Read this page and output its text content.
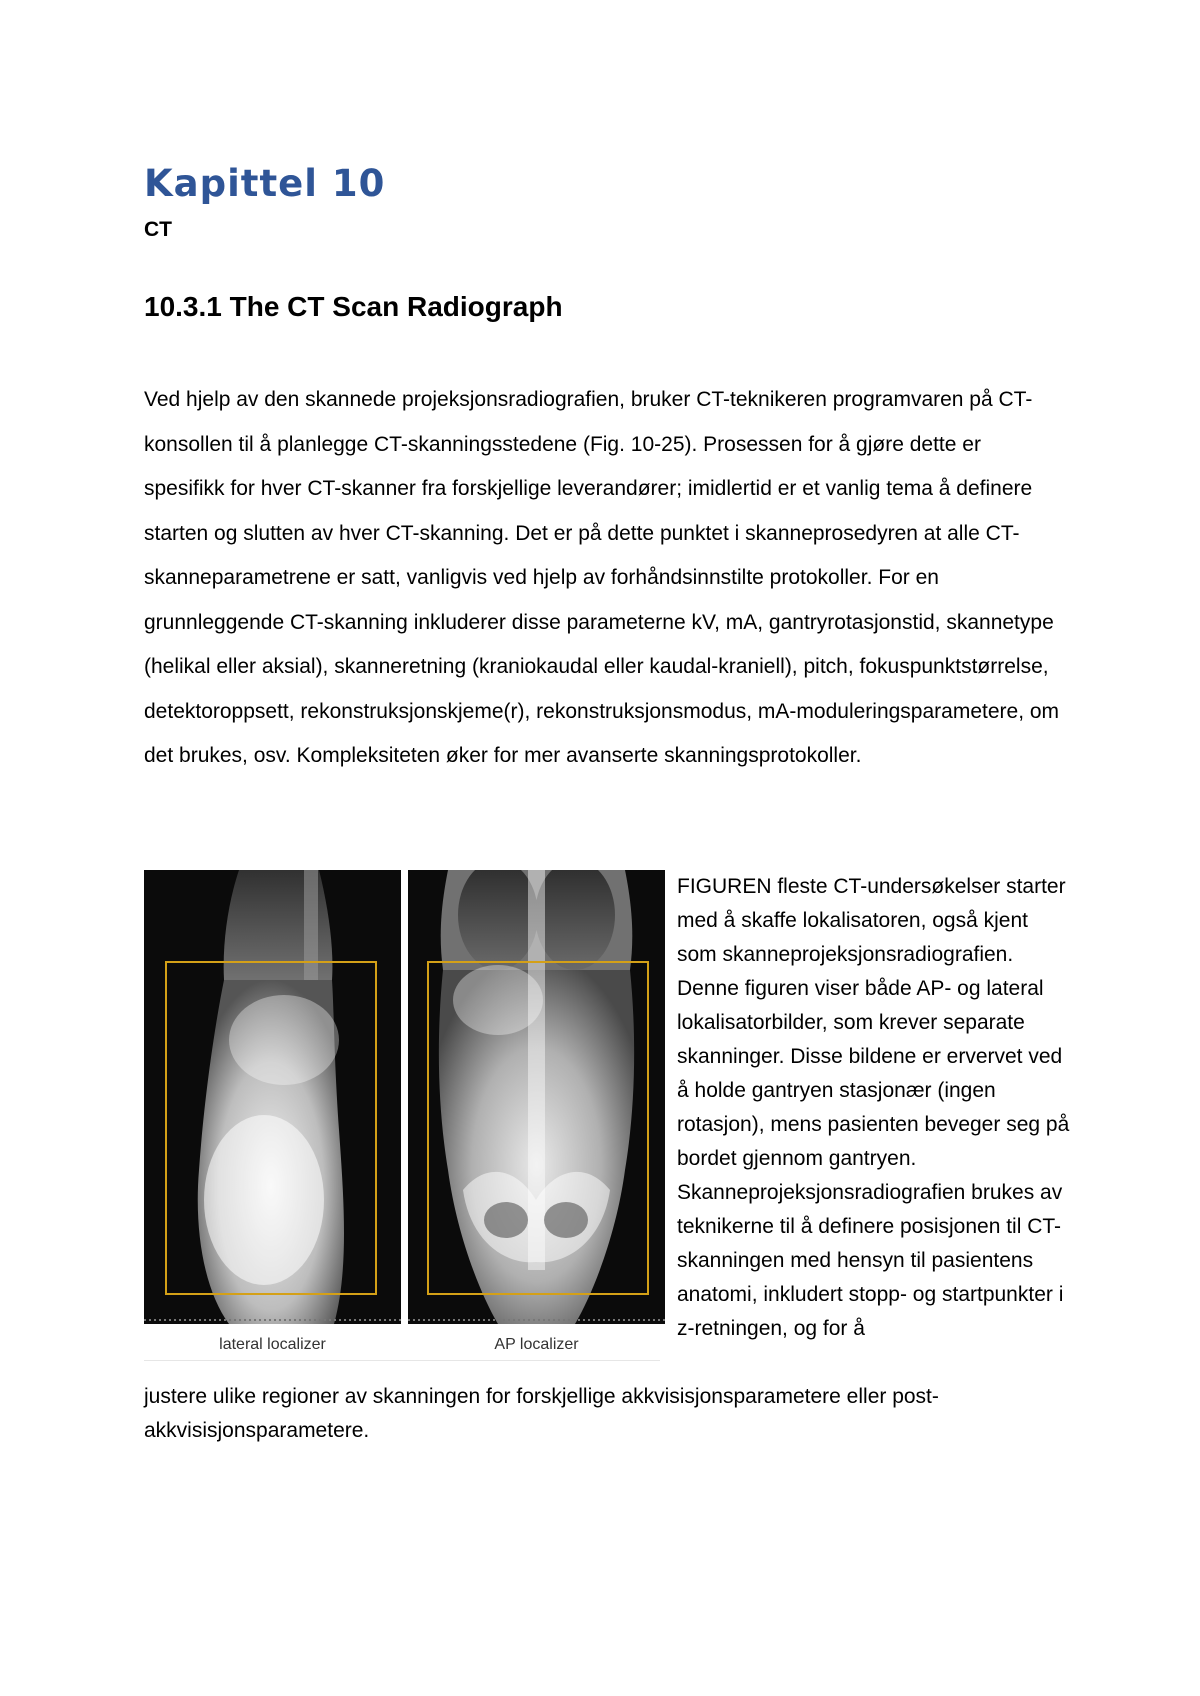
Kapittel 10
CT
10.3.1 The CT Scan Radiograph

Ved hjelp av den skannede projeksjonsradiografien, bruker CT-teknikeren programvaren på CT-konsollen til å planlegge CT-skanningsstedene (Fig. 10-25). Prosessen for å gjøre dette er spesifikk for hver CT-skanner fra forskjellige leverandører; imidlertid er et vanlig tema å definere starten og slutten av hver CT-skanning. Det er på dette punktet i skanneprosedyren at alle CT-skanneparametrene er satt, vanligvis ved hjelp av forhåndsinnstilte protokoller. For en grunnleggende CT-skanning inkluderer disse parameterne kV, mA, gantryrotasjonstid, skannetype (helikal eller aksial), skanneretning (kraniokaudal eller kaudal-kraniell), pitch, fokuspunktstørrelse, detektoroppsett, rekonstruksjonskjeme(r), rekonstruksjonsmodus, mA-moduleringsparametere, om det brukes, osv. Kompleksiteten øker for mer avanserte skanningsprotokoller.

lateral localizer	AP localizer

FIGUREN fleste CT-undersøkelser starter med å skaffe lokalisatoren, også kjent som skanneprojeksjonsradiografien. Denne figuren viser både AP- og lateral lokalisatorbilder, som krever separate skanninger. Disse bildene er ervervet ved å holde gantryen stasjonær (ingen rotasjon), mens pasienten beveger seg på bordet gjennom gantryen. Skanneprojeksjonsradiografien brukes av teknikerne til å definere posisjonen til CT-skanningen med hensyn til pasientens anatomi, inkludert stopp- og startpunkter i z-retningen, og for å

justere ulike regioner av skanningen for forskjellige akkvisisjonsparametere eller post-akkvisisjonsparametere.
